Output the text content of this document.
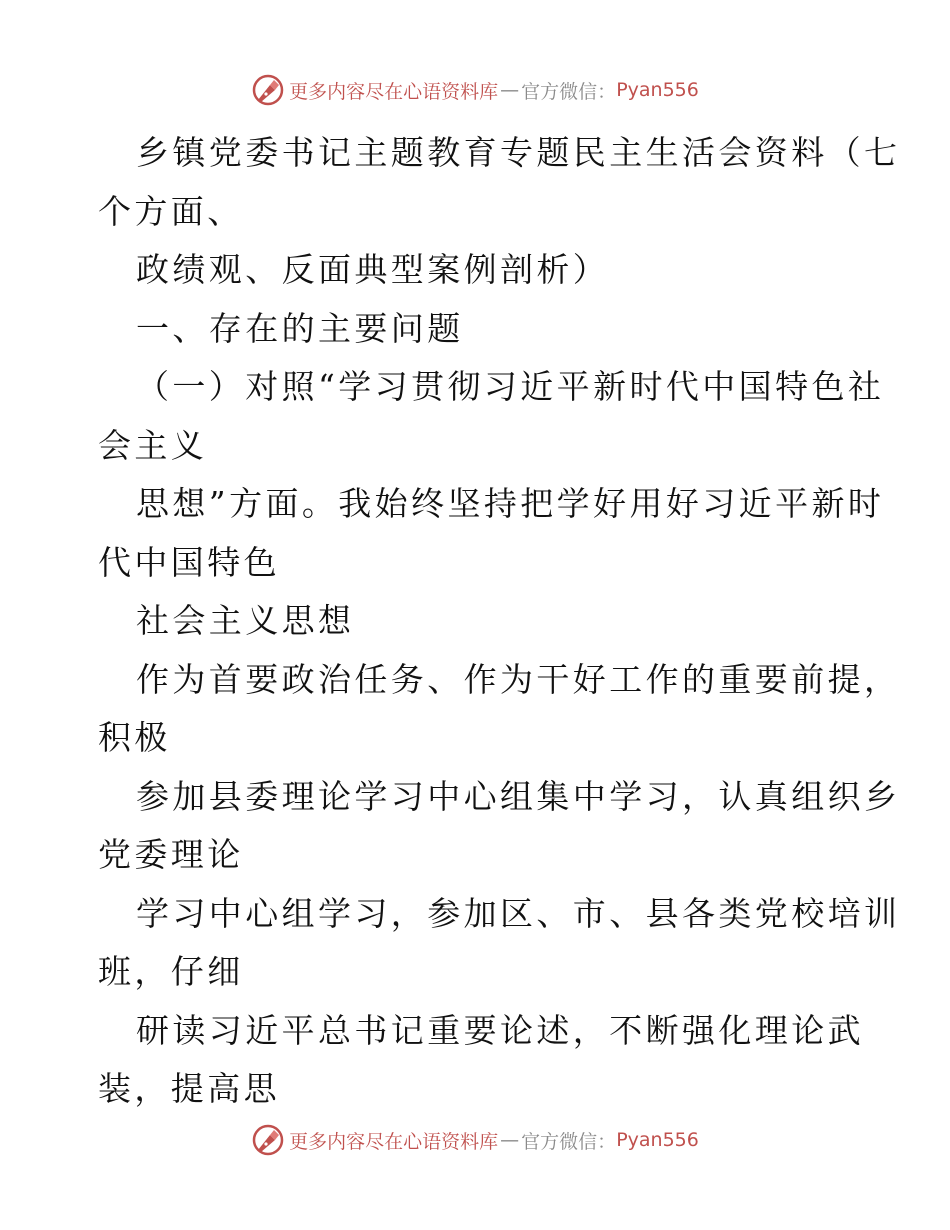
更多内容尽在心语资料库 — 官方微信： Pyan556
乡镇党委书记主题教育专题民主生活会资料（七
个方面、
政绩观、反面典型案例剖析）
一、存在的主要问题
（一）对照“学习贯彻习近平新时代中国特色社
会主义
思想”方面。我始终坚持把学好用好习近平新时
代中国特色
社会主义思想
作为首要政治任务、作为干好工作的重要前提，
积极
参加县委理论学习中心组集中学习，认真组织乡
党委理论
学习中心组学习，参加区、市、县各类党校培训
班，仔细
研读习近平总书记重要论述，不断强化理论武
装，提高思
更多内容尽在心语资料库 — 官方微信： Pyan556
